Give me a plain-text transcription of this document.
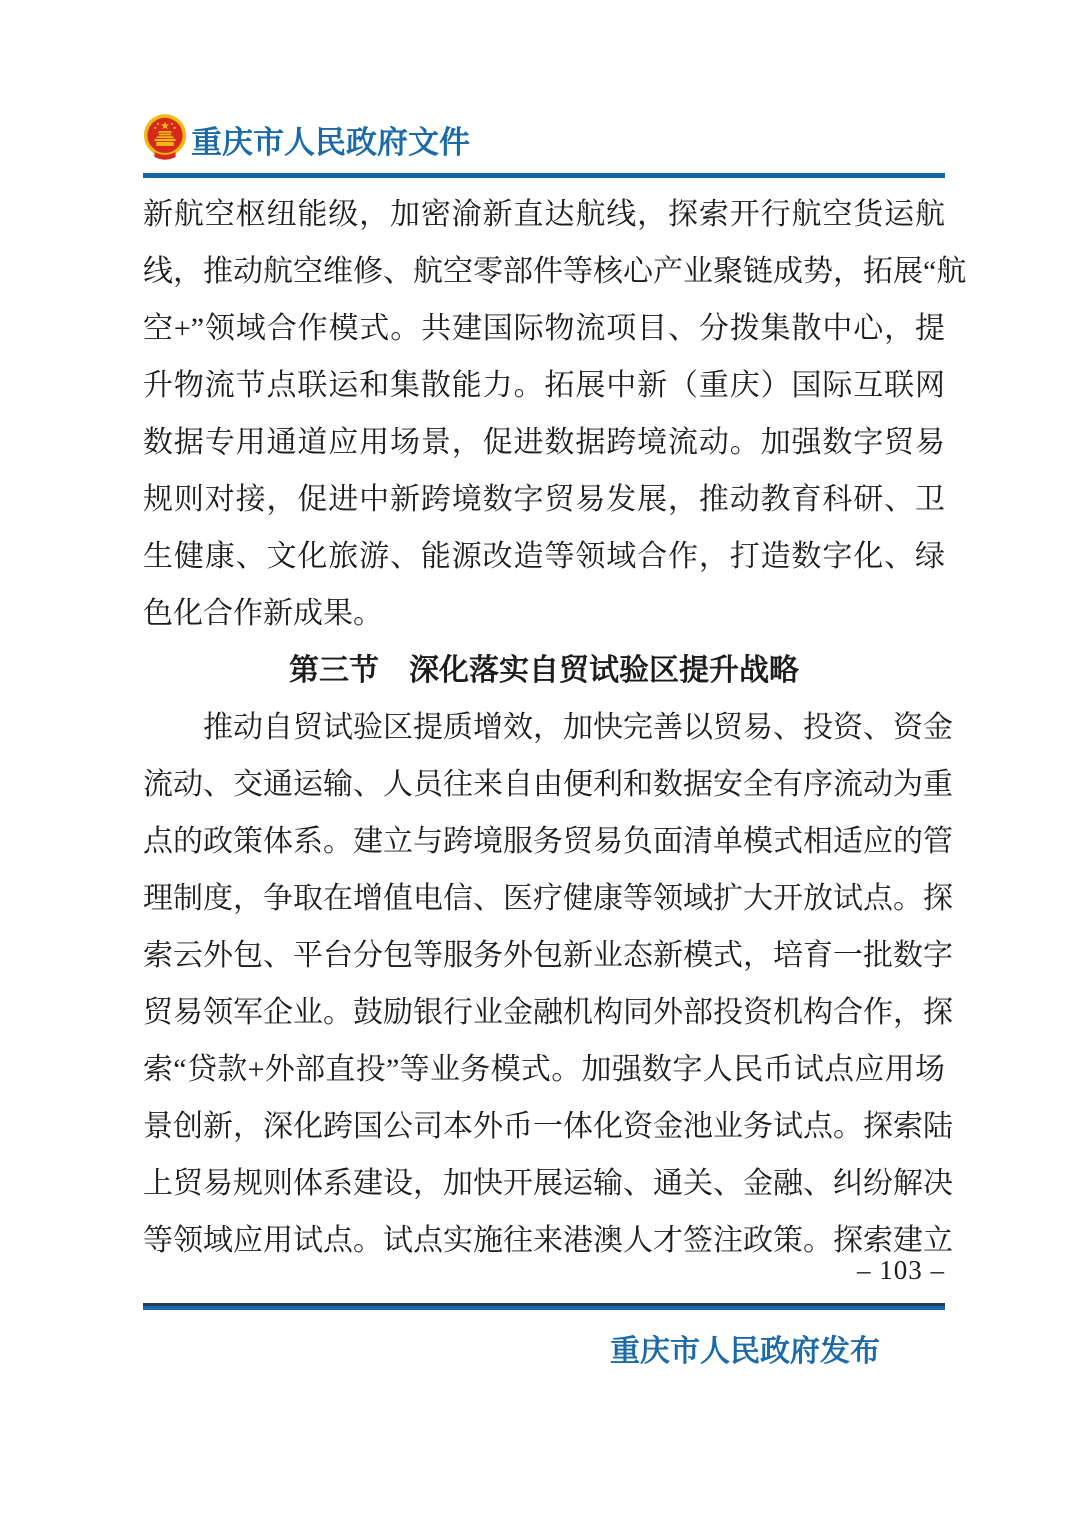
重庆市人民政府文件
新航空枢纽能级，加密渝新直达航线，探索开行航空货运航
线，推动航空维修、航空零部件等核心产业聚链成势，拓展“航
空+”领域合作模式。共建国际物流项目、分拨集散中心，提
升物流节点联运和集散能力。拓展中新（重庆）国际互联网
数据专用通道应用场景，促进数据跨境流动。加强数字贸易
规则对接，促进中新跨境数字贸易发展，推动教育科研、卫
生健康、文化旅游、能源改造等领域合作，打造数字化、绿
色化合作新成果。
第三节　深化落实自贸试验区提升战略
　　推动自贸试验区提质增效，加快完善以贸易、投资、资金
流动、交通运输、人员往来自由便利和数据安全有序流动为重
点的政策体系。建立与跨境服务贸易负面清单模式相适应的管
理制度，争取在增值电信、医疗健康等领域扩大开放试点。探
索云外包、平台分包等服务外包新业态新模式，培育一批数字
贸易领军企业。鼓励银行业金融机构同外部投资机构合作，探
索“贷款+外部直投”等业务模式。加强数字人民币试点应用场
景创新，深化跨国公司本外币一体化资金池业务试点。探索陆
上贸易规则体系建设，加快开展运输、通关、金融、纠纷解决
等领域应用试点。试点实施往来港澳人才签注政策。探索建立
– 103 –
重庆市人民政府发布
